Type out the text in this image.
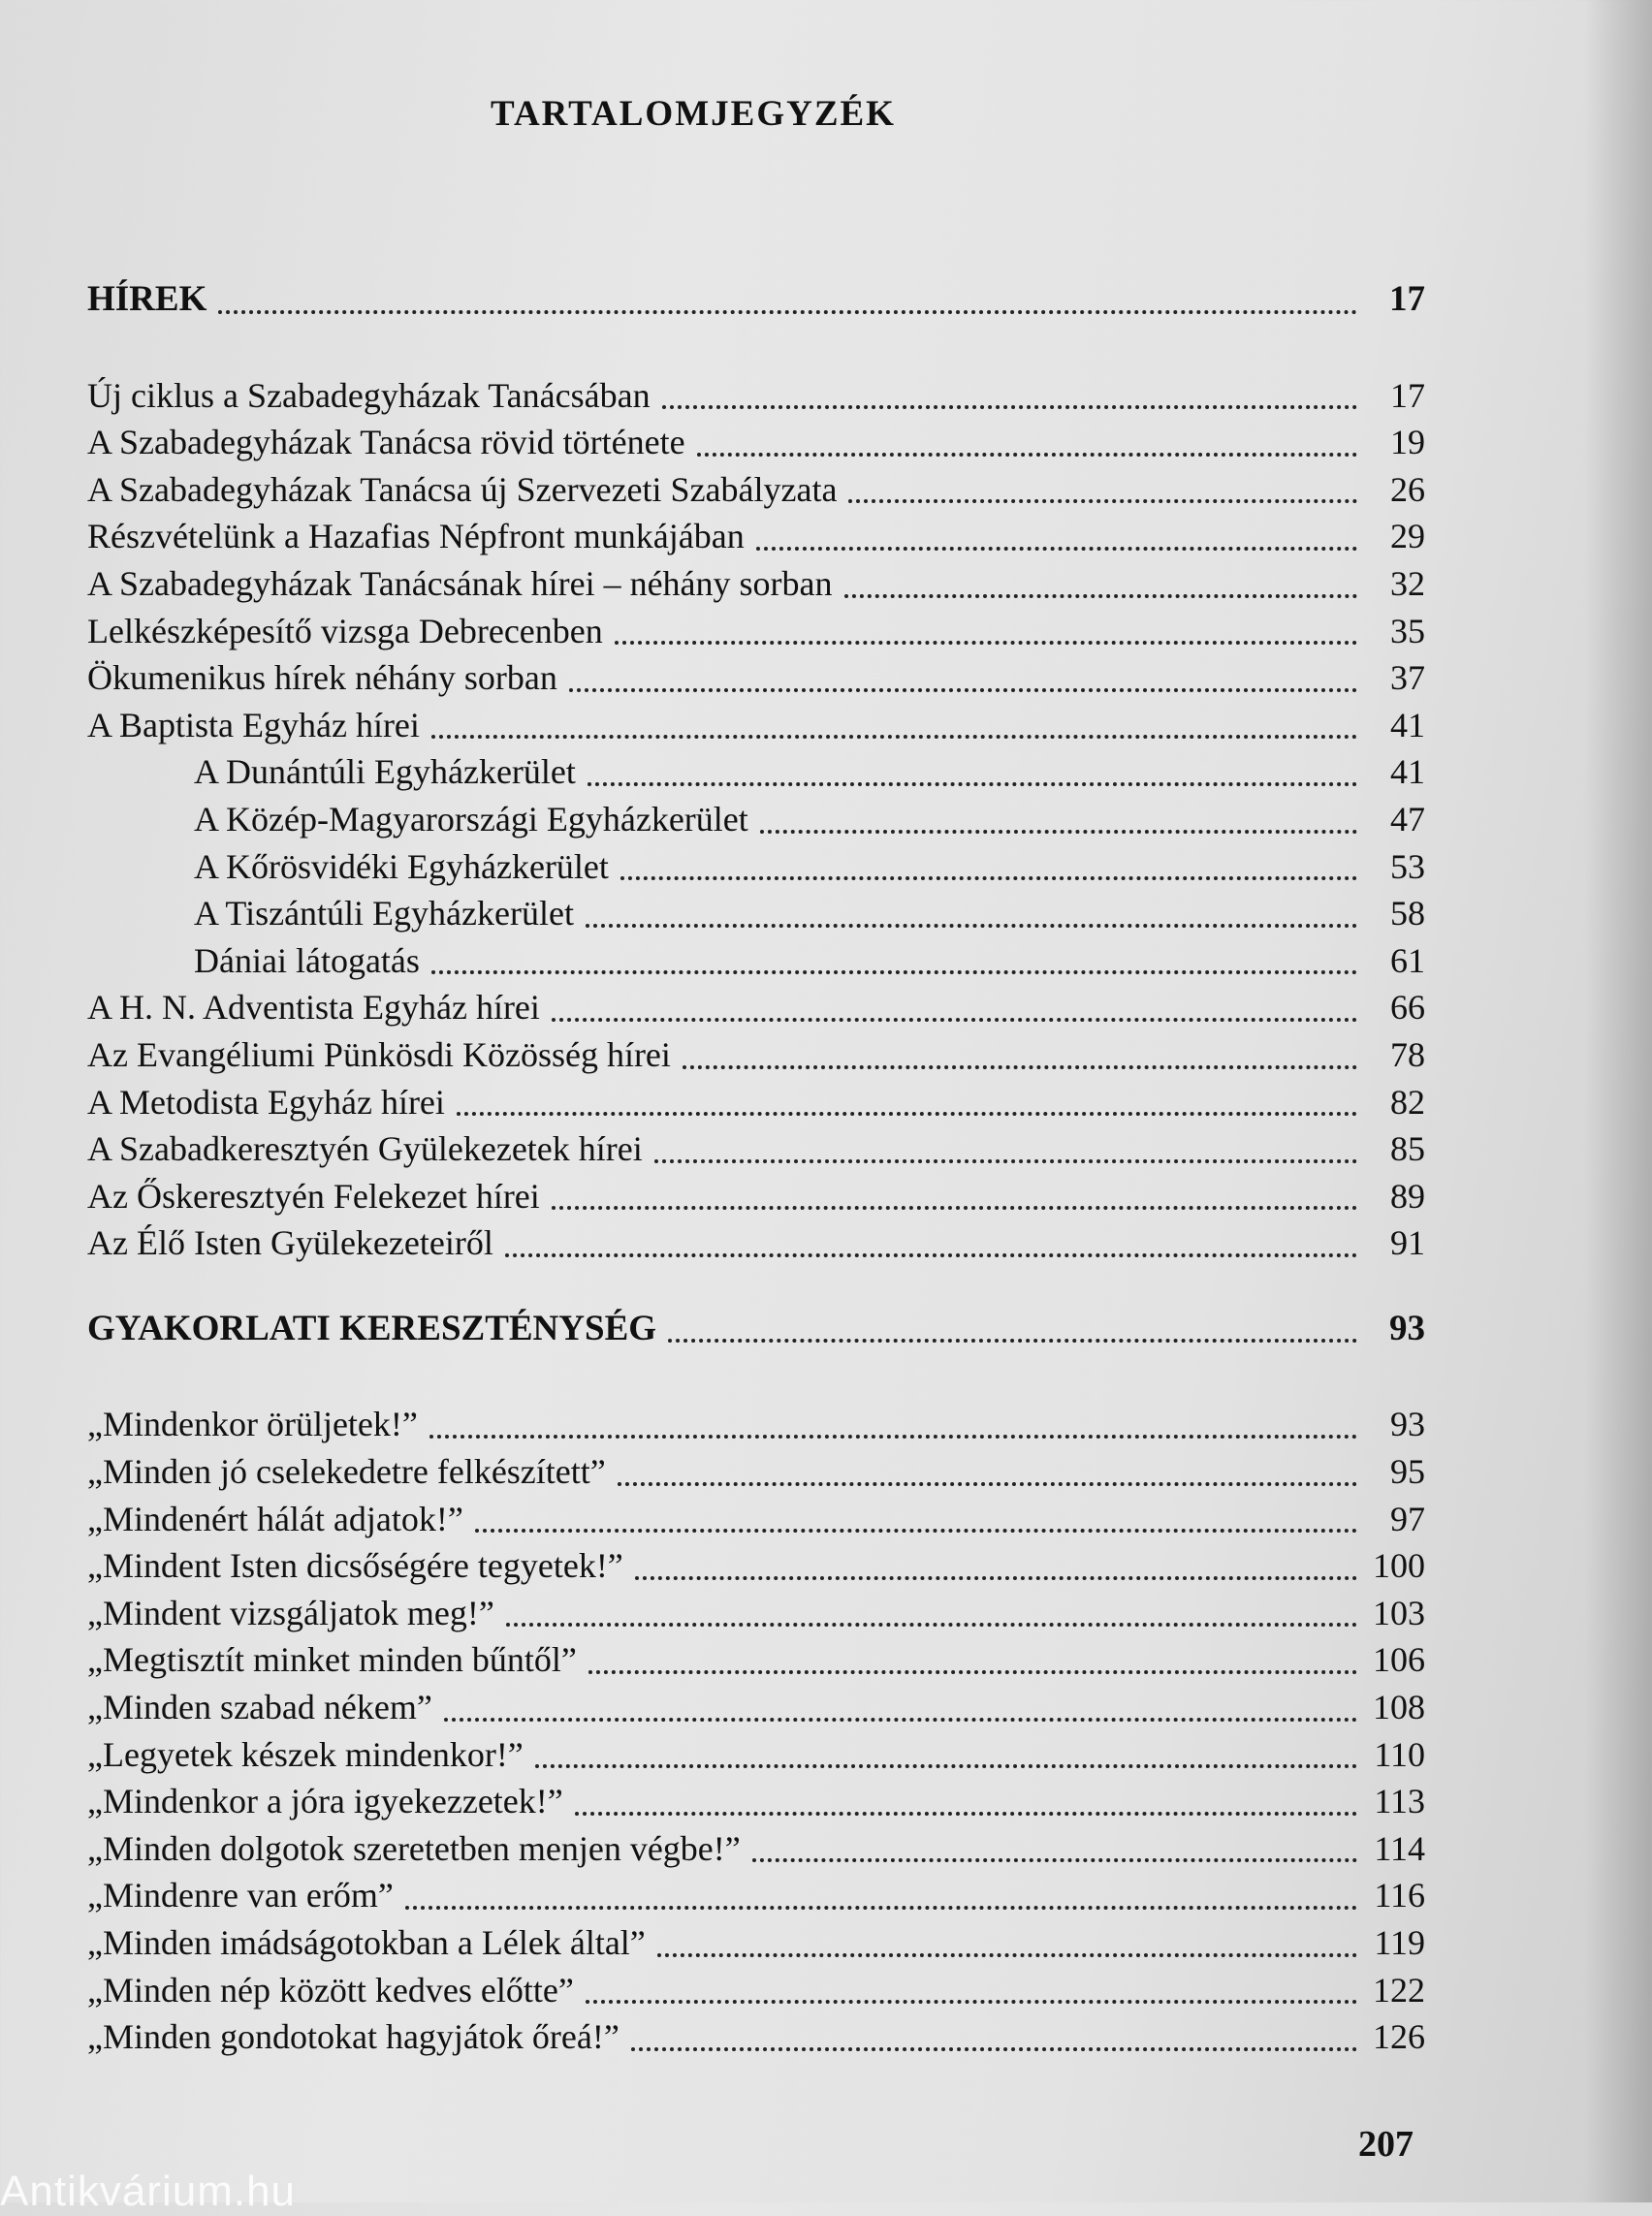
TARTALOMJEGYZÉK
HÍREK	17
Új ciklus a Szabadegyházak Tanácsában	17
A Szabadegyházak Tanácsa rövid története	19
A Szabadegyházak Tanácsa új Szervezeti Szabályzata	26
Részvételünk a Hazafias Népfront munkájában	29
A Szabadegyházak Tanácsának hírei – néhány sorban	32
Lelkészképesítő vizsga Debrecenben	35
Ökumenikus hírek néhány sorban	37
A Baptista Egyház hírei	41
A Dunántúli Egyházkerület	41
A Közép-Magyarországi Egyházkerület	47
A Kőrösvidéki Egyházkerület	53
A Tiszántúli Egyházkerület	58
Dániai látogatás	61
A H. N. Adventista Egyház hírei	66
Az Evangéliumi Pünkösdi Közösség hírei	78
A Metodista Egyház hírei	82
A Szabadkeresztyén Gyülekezetek hírei	85
Az Őskeresztyén Felekezet hírei	89
Az Élő Isten Gyülekezeteiről	91
GYAKORLATI KERESZTÉNYSÉG	93
„Mindenkor örüljetek!”	93
„Minden jó cselekedetre felkészített”	95
„Mindenért hálát adjatok!”	97
„Mindent Isten dicsőségére tegyetek!”	100
„Mindent vizsgáljatok meg!”	103
„Megtisztít minket minden bűntől”	106
„Minden szabad nékem”	108
„Legyetek készek mindenkor!”	110
„Mindenkor a jóra igyekezzetek!”	113
„Minden dolgotok szeretetben menjen végbe!”	114
„Mindenre van erőm”	116
„Minden imádságotokban a Lélek által”	119
„Minden nép között kedves előtte”	122
„Minden gondotokat hagyjátok őreá!”	126
207
Antikvárium.hu
